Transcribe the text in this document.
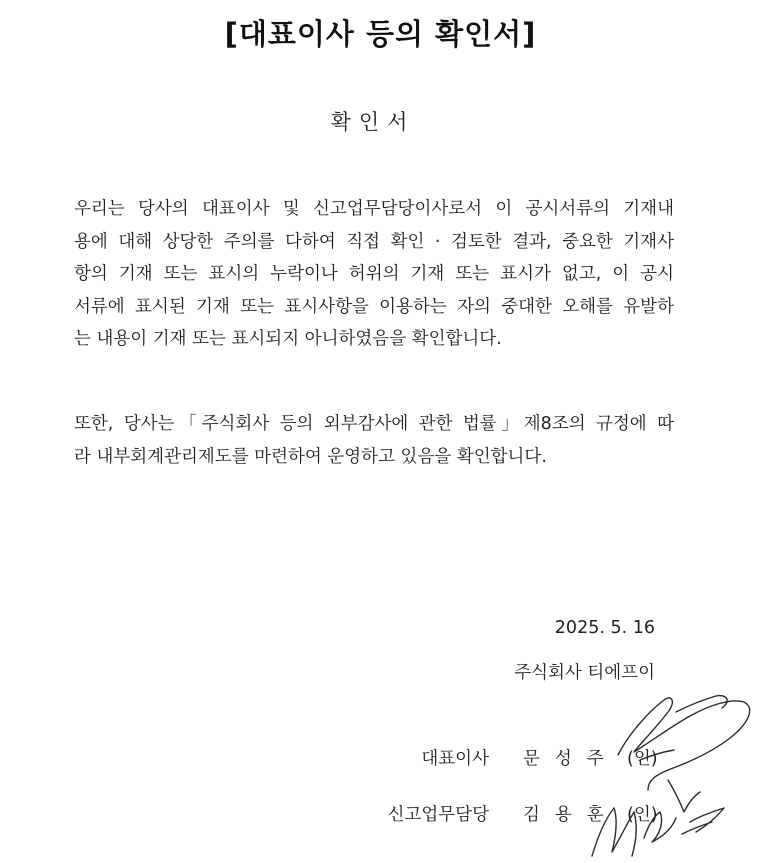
[대표이사 등의 확인서]
확인서
우리는 당사의 대표이사 및 신고업무담당이사로서 이 공시서류의 기재내
용에 대해 상당한 주의를 다하여 직접 확인 · 검토한 결과, 중요한 기재사
항의 기재 또는 표시의 누락이나 허위의 기재 또는 표시가 없고, 이 공시
서류에 표시된 기재 또는 표시사항을 이용하는 자의 중대한 오해를 유발하
는 내용이 기재 또는 표시되지 아니하였음을 확인합니다.
또한, 당사는「주식회사 등의 외부감사에 관한 법률」제8조의 규정에 따
라 내부회계관리제도를 마련하여 운영하고 있음을 확인합니다.
2025. 5. 16
주식회사 티에프이
대표이사 문성주 (인)
신고업무담당 김용훈 (인)
